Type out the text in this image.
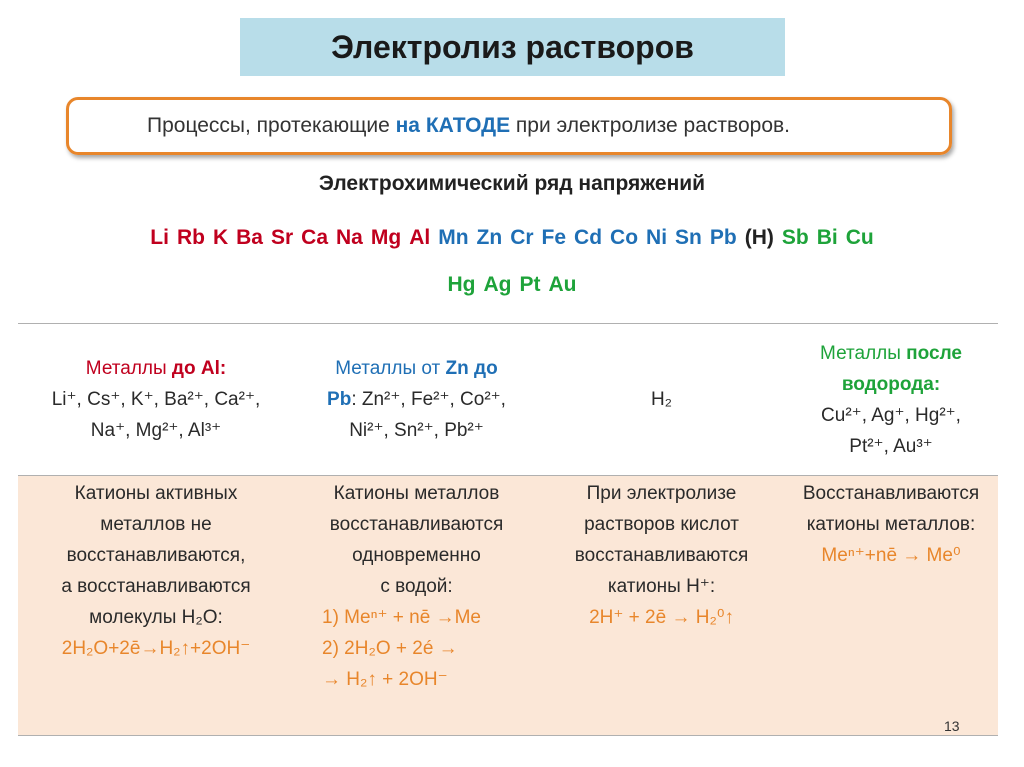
Электролиз растворов
Процессы, протекающие на КАТОДЕ при электролизе растворов.
Электрохимический ряд напряжений
Li Rb K Ba Sr Ca Na Mg Al Mn Zn Cr Fe Cd Co Ni Sn Pb (H) Sb Bi Cu
Hg Ag Pt Au
Металлы до Al:
Li⁺, Cs⁺, K⁺, Ba²⁺, Ca²⁺,
Na⁺, Mg²⁺, Al³⁺
Металлы от Zn до
Pb: Zn²⁺, Fe²⁺, Co²⁺,
Ni²⁺, Sn²⁺, Pb²⁺
H₂
Металлы после
водорода:
Cu²⁺, Ag⁺, Hg²⁺,
Pt²⁺, Au³⁺
Катионы активных
металлов не
восстанавливаются,
а восстанавливаются
молекулы H₂O:
2H₂O+2ē→H₂↑+2OH⁻
Катионы металлов
восстанавливаются
одновременно
с водой:
1) Meⁿ⁺ + nē →Me
2) 2H₂O + 2é →
→ H₂↑ + 2OH⁻
При электролизе
растворов кислот
восстанавливаются
катионы H⁺:
2H⁺ + 2ē → H₂⁰↑
Восстанавливаются
катионы металлов:
Meⁿ⁺+nē → Me⁰
13
